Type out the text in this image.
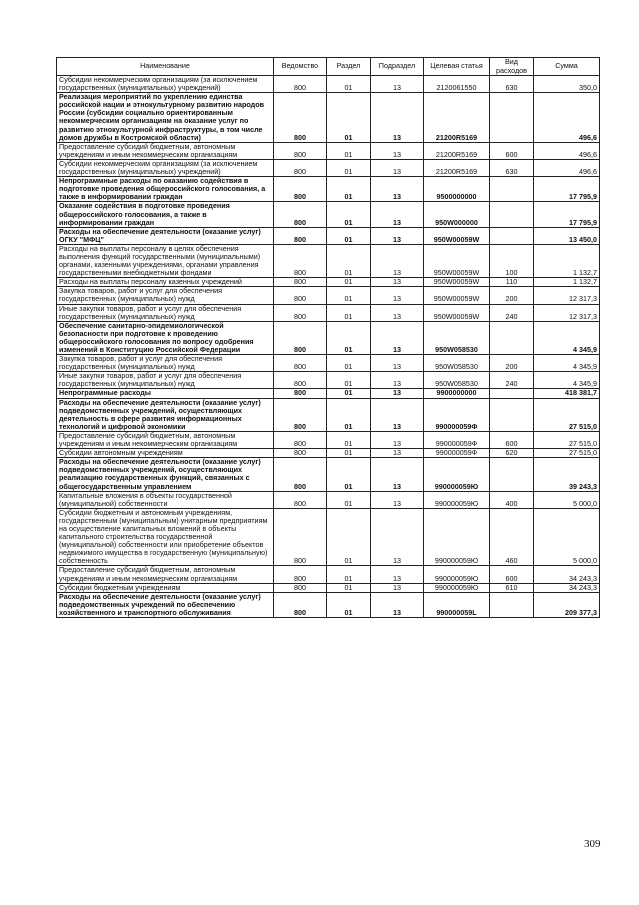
Наименование	Ведомство	Раздел	Подраздел	Целевая статья	Вид расходов	Сумма
Субсидии некоммерческим организациям (за исключением государственных (муниципальных) учреждений)	800	01	13	2120061550	630	350,0
Реализация мероприятий по укреплению единства российской нации и этнокультурному развитию народов России (субсидии социально ориентированным некоммерческим организациям на оказание услуг по развитию этнокультурной инфраструктуры, в том числе домов дружбы в Костромской области)	800	01	13	21200R5169		496,6
Предоставление субсидий бюджетным, автономным учреждениям и иным некоммерческим организациям	800	01	13	21200R5169	600	496,6
Субсидии некоммерческим организациям (за исключением государственных (муниципальных) учреждений)	800	01	13	21200R5169	630	496,6
Непрограммные расходы по оказанию содействия в подготовке проведения общероссийского голосования, а также в информировании граждан	800	01	13	9500000000		17 795,9
Оказание содействия в подготовке проведения общероссийского голосования, а также в информировании граждан	800	01	13	950W000000		17 795,9
Расходы на обеспечение деятельности (оказание услуг) ОГКУ "МФЦ"	800	01	13	950W00059W		13 450,0
Расходы на выплаты персоналу в целях обеспечения выполнения функций государственными (муниципальными) органами, казенными учреждениями, органами управления государственными внебюджетными фондами	800	01	13	950W00059W	100	1 132,7
Расходы на выплаты персоналу казенных учреждений	800	01	13	950W00059W	110	1 132,7
Закупка товаров, работ и услуг для обеспечения государственных (муниципальных) нужд	800	01	13	950W00059W	200	12 317,3
Иные закупки товаров, работ и услуг для обеспечения государственных (муниципальных) нужд	800	01	13	950W00059W	240	12 317,3
Обеспечение санитарно-эпидемиологической безопасности при подготовке к проведению общероссийского голосования по вопросу одобрения изменений в Конституцию Российской Федерации	800	01	13	950W058530		4 345,9
Закупка товаров, работ и услуг для обеспечения государственных (муниципальных) нужд	800	01	13	950W058530	200	4 345,9
Иные закупки товаров, работ и услуг для обеспечения государственных (муниципальных) нужд	800	01	13	950W058530	240	4 345,9
Непрограммные расходы	800	01	13	9900000000		418 381,7
Расходы на обеспечение деятельности (оказание услуг) подведомственных учреждений, осуществляющих деятельность в сфере развития информационных технологий и цифровой экономики	800	01	13	990000059Ф		27 515,0
Предоставление субсидий бюджетным, автономным учреждениям и иным некоммерческим организациям	800	01	13	990000059Ф	600	27 515,0
Субсидии автономным учреждениям	800	01	13	990000059Ф	620	27 515,0
Расходы на обеспечение деятельности (оказание услуг) подведомственных учреждений, осуществляющих реализацию государственных функций, связанных с общегосударственным управлением	800	01	13	990000059Ю		39 243,3
Капитальные вложения в объекты государственной (муниципальной) собственности	800	01	13	990000059Ю	400	5 000,0
Субсидии бюджетным и автономным учреждениям, государственным (муниципальным) унитарным предприятиям на осуществление капитальных вложений в объекты капитального строительства государственной (муниципальной) собственности или приобретение объектов недвижимого имущества в государственную (муниципальную) собственность	800	01	13	990000059Ю	460	5 000,0
Предоставление субсидий бюджетным, автономным учреждениям и иным некоммерческим организациям	800	01	13	990000059Ю	600	34 243,3
Субсидии бюджетным учреждениям	800	01	13	990000059Ю	610	34 243,3
Расходы на обеспечение деятельности (оказание услуг) подведомственных учреждений по обеспечению хозяйственного и транспортного обслуживания	800	01	13	990000059L		209 377,3
309
